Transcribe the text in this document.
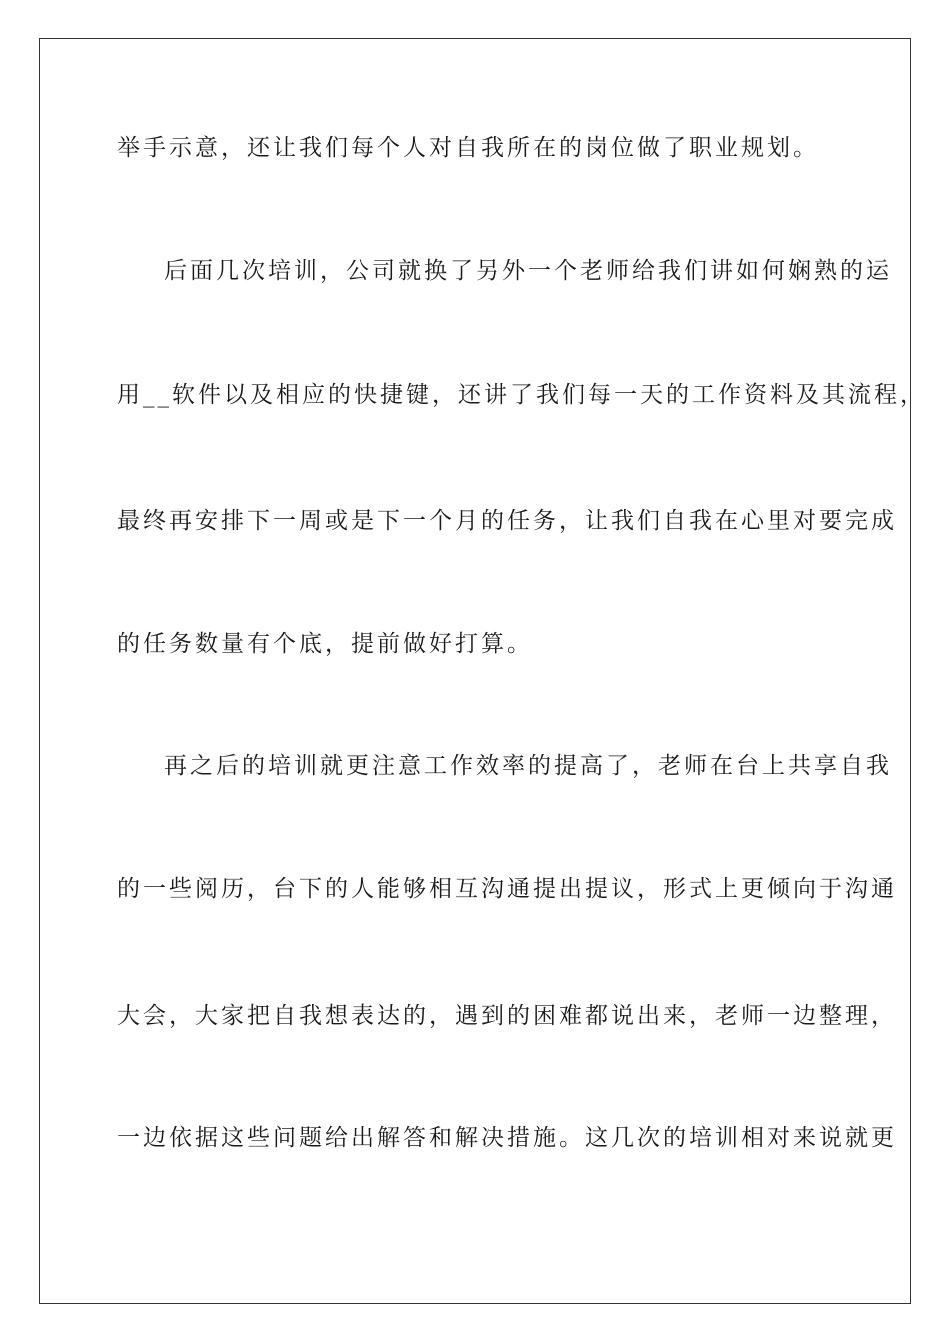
举手示意，还让我们每个人对自我所在的岗位做了职业规划。

后面几次培训，公司就换了另外一个老师给我们讲如何娴熟的运

用__软件以及相应的快捷键，还讲了我们每一天的工作资料及其流程，

最终再安排下一周或是下一个月的任务，让我们自我在心里对要完成

的任务数量有个底，提前做好打算。

再之后的培训就更注意工作效率的提高了，老师在台上共享自我

的一些阅历，台下的人能够相互沟通提出提议，形式上更倾向于沟通

大会，大家把自我想表达的，遇到的困难都说出来，老师一边整理，

一边依据这些问题给出解答和解决措施。这几次的培训相对来说就更
